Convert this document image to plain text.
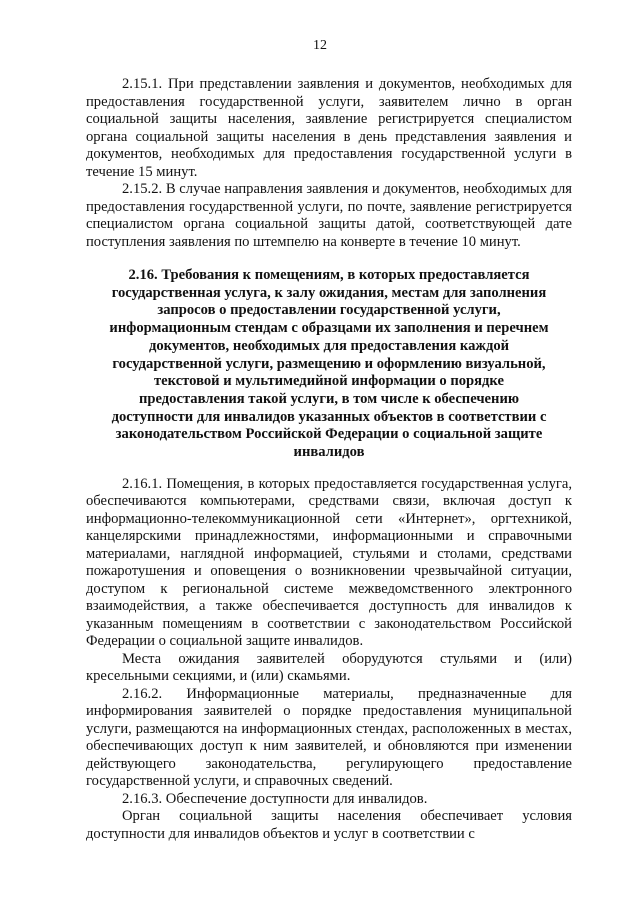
12

2.15.1. При представлении заявления и документов, необходимых для предоставления государственной услуги, заявителем лично в орган социальной защиты населения, заявление регистрируется специалистом органа социальной защиты населения в день представления заявления и документов, необходимых для предоставления государственной услуги в течение 15 минут.

2.15.2. В случае направления заявления и документов, необходимых для предоставления государственной услуги, по почте, заявление регистрируется специалистом органа социальной защиты датой, соответствующей дате поступления заявления по штемпелю на конверте в течение 10 минут.

2.16. Требования к помещениям, в которых предоставляется государственная услуга, к залу ожидания, местам для заполнения запросов о предоставлении государственной услуги, информационным стендам с образцами их заполнения и перечнем документов, необходимых для предоставления каждой государственной услуги, размещению и оформлению визуальной, текстовой и мультимедийной информации о порядке предоставления такой услуги, в том числе к обеспечению доступности для инвалидов указанных объектов в соответствии с законодательством Российской Федерации о социальной защите инвалидов

2.16.1. Помещения, в которых предоставляется государственная услуга, обеспечиваются компьютерами, средствами связи, включая доступ к информационно-телекоммуникационной сети «Интернет», оргтехникой, канцелярскими принадлежностями, информационными и справочными материалами, наглядной информацией, стульями и столами, средствами пожаротушения и оповещения о возникновении чрезвычайной ситуации, доступом к региональной системе межведомственного электронного взаимодействия, а также обеспечивается доступность для инвалидов к указанным помещениям в соответствии с законодательством Российской Федерации о социальной защите инвалидов.

Места ожидания заявителей оборудуются стульями и (или) кресельными секциями, и (или) скамьями.

2.16.2. Информационные материалы, предназначенные для информирования заявителей о порядке предоставления муниципальной услуги, размещаются на информационных стендах, расположенных в местах, обеспечивающих доступ к ним заявителей, и обновляются при изменении действующего законодательства, регулирующего предоставление государственной услуги, и справочных сведений.

2.16.3. Обеспечение доступности для инвалидов.

Орган социальной защиты населения обеспечивает условия доступности для инвалидов объектов и услуг в соответствии с
